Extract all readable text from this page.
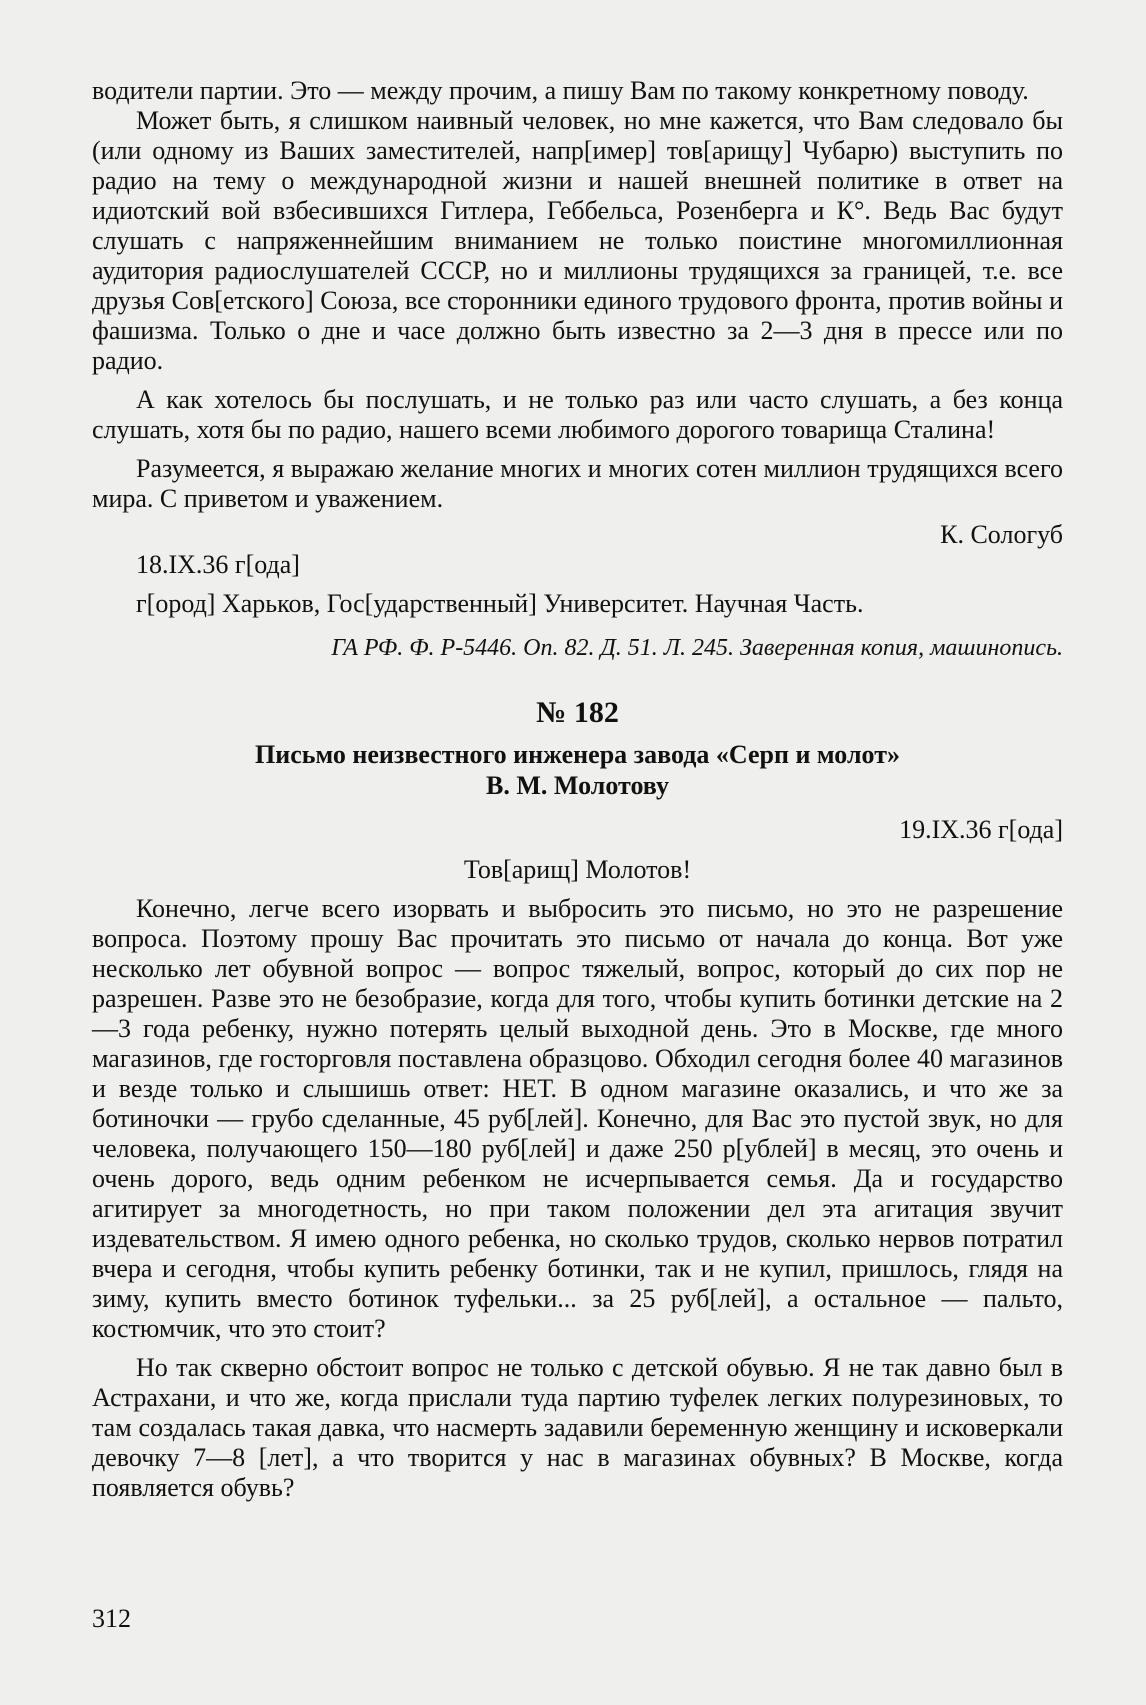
водители партии. Это — между прочим, а пишу Вам по такому конкретному поводу.

Может быть, я слишком наивный человек, но мне кажется, что Вам следовало бы (или одному из Ваших заместителей, напр[имер] тов[арищу] Чубарю) выступить по радио на тему о международной жизни и нашей внешней политике в ответ на идиотский вой взбесившихся Гитлера, Геббельса, Розенберга и К°. Ведь Вас будут слушать с напряженнейшим вниманием не только поистине многомиллионная аудитория радиослушателей СССР, но и миллионы трудящихся за границей, т.е. все друзья Сов[етского] Союза, все сторонники единого трудового фронта, против войны и фашизма. Только о дне и часе должно быть известно за 2—3 дня в прессе или по радио.

А как хотелось бы послушать, и не только раз или часто слушать, а без конца слушать, хотя бы по радио, нашего всеми любимого дорогого товарища Сталина!

Разумеется, я выражаю желание многих и многих сотен миллион трудящихся всего мира. С приветом и уважением.

К. Сологуб

18.IX.36 г[ода]

г[ород] Харьков, Гос[ударственный] Университет. Научная Часть.

ГА РФ. Ф. Р-5446. Оп. 82. Д. 51. Л. 245. Заверенная копия, машинопись.

№ 182

Письмо неизвестного инженера завода «Серп и молот»

В. М. Молотову

19.IX.36 г[ода]

Тов[арищ] Молотов!

Конечно, легче всего изорвать и выбросить это письмо, но это не разрешение вопроса. Поэтому прошу Вас прочитать это письмо от начала до конца. Вот уже несколько лет обувной вопрос — вопрос тяжелый, вопрос, который до сих пор не разрешен. Разве это не безобразие, когда для того, чтобы купить ботинки детские на 2—3 года ребенку, нужно потерять целый выходной день. Это в Москве, где много магазинов, где госторговля поставлена образцово. Обходил сегодня более 40 магазинов и везде только и слышишь ответ: НЕТ. В одном магазине оказались, и что же за ботиночки — грубо сделанные, 45 руб[лей]. Конечно, для Вас это пустой звук, но для человека, получающего 150—180 руб[лей] и даже 250 р[ублей] в месяц, это очень и очень дорого, ведь одним ребенком не исчерпывается семья. Да и государство агитирует за многодетность, но при таком положении дел эта агитация звучит издевательством. Я имею одного ребенка, но сколько трудов, сколько нервов потратил вчера и сегодня, чтобы купить ребенку ботинки, так и не купил, пришлось, глядя на зиму, купить вместо ботинок туфельки... за 25 руб[лей], а остальное — пальто, костюмчик, что это стоит?

Но так скверно обстоит вопрос не только с детской обувью. Я не так давно был в Астрахани, и что же, когда прислали туда партию туфелек легких полурезиновых, то там создалась такая давка, что насмерть задавили беременную женщину и исковеркали девочку 7—8 [лет], а что творится у нас в магазинах обувных? В Москве, когда появляется обувь?

312
